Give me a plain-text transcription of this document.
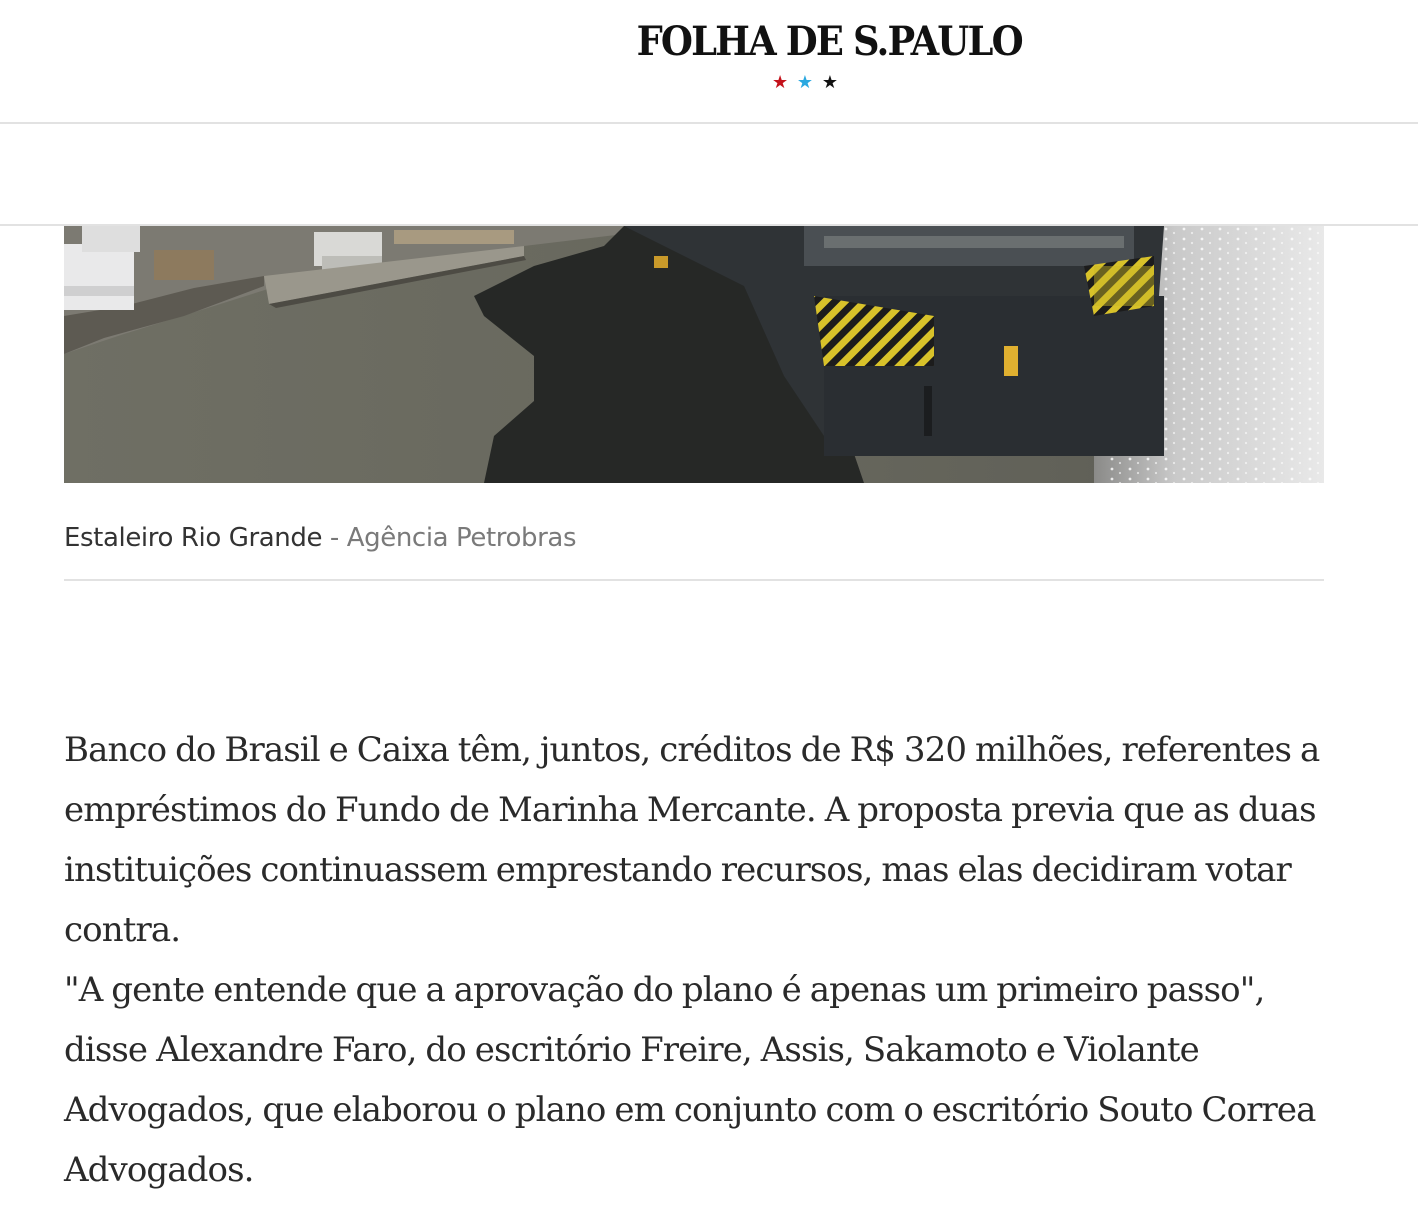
FOLHA DE S.PAULO
★ ★ ★
Estaleiro Rio Grande - Agência Petrobras

Banco do Brasil e Caixa têm, juntos, créditos de R$ 320 milhões, referentes a empréstimos do Fundo de Marinha Mercante. A proposta previa que as duas instituições continuassem emprestando recursos, mas elas decidiram votar contra.

"A gente entende que a aprovação do plano é apenas um primeiro passo", disse Alexandre Faro, do escritório Freire, Assis, Sakamoto e Violante Advogados, que elaborou o plano em conjunto com o escritório Souto Correa Advogados.
